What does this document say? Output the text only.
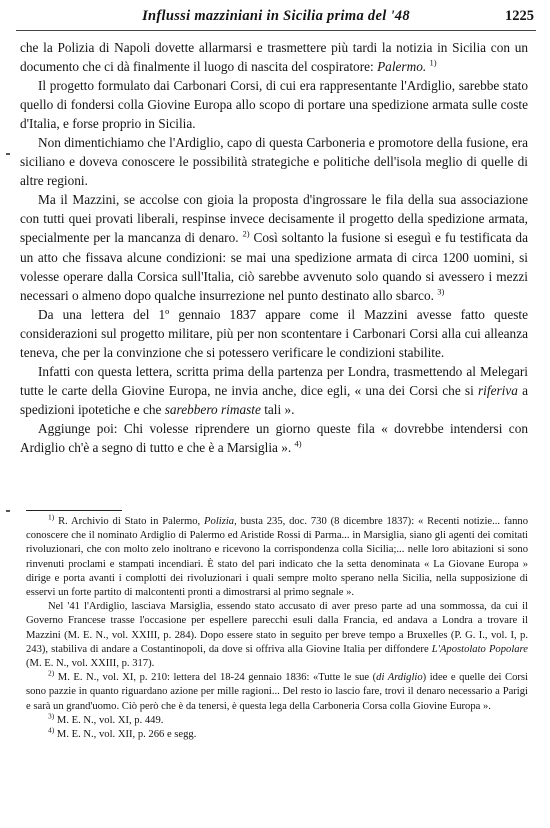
Influssi mazziniani in Sicilia prima del '48	1225

che la Polizia di Napoli dovette allarmarsi e trasmettere più tardi la notizia in Sicilia con un documento che ci dà finalmente il luogo di nascita del cospiratore: Palermo. $^{1)}$

Il progetto formulato dai Carbonari Corsi, di cui era rappresentante l'Ardiglio, sarebbe stato quello di fondersi colla Giovine Europa allo scopo di portare una spedizione armata sulle coste d'Italia, e forse proprio in Sicilia.

Non dimentichiamo che l'Ardiglio, capo di questa Carboneria e promotore della fusione, era siciliano e doveva conoscere le possibilità strategiche e politiche dell'isola meglio di quelle di altre regioni.

Ma il Mazzini, se accolse con gioia la proposta d'ingrossare le fila della sua associazione con tutti quei provati liberali, respinse invece decisamente il progetto della spedizione armata, specialmente per la mancanza di denaro. $^{2)}$ Così soltanto la fusione si eseguì e fu testificata da un atto che fissava alcune condizioni: se mai una spedizione armata di circa 1200 uomini, si volesse operare dalla Corsica sull'Italia, ciò sarebbe avvenuto solo quando si avessero i mezzi necessari o almeno dopo qualche insurrezione nel punto destinato allo sbarco. $^{3)}$

Da una lettera del 1º gennaio 1837 appare come il Mazzini avesse fatto queste considerazioni sul progetto militare, più per non scontentare i Carbonari Corsi alla cui alleanza teneva, che per la convinzione che si potessero verificare le condizioni stabilite.

Infatti con questa lettera, scritta prima della partenza per Londra, trasmettendo al Melegari tutte le carte della Giovine Europa, ne invia anche, dice egli, « una dei Corsi che si riferiva a spedizioni ipotetiche e che sarebbero rimaste tali ».

Aggiunge poi: Chi volesse riprendere un giorno queste fila « dovrebbe intendersi con Ardiglio ch'è a segno di tutto e che è a Marsiglia ». $^{4)}$

$^{1)}$ R. Archivio di Stato in Palermo, Polizia, busta 235, doc. 730 (8 dicembre 1837): « Recenti notizie... fanno conoscere che il nominato Ardiglio di Palermo ed Aristide Rossi di Parma... in Marsiglia, siano gli agenti dei comitati rivoluzionari, che con molto zelo inoltrano e ricevono la corrispondenza colla Sicilia;... nelle loro abitazioni si sono rinvenuti proclami e stampati incendiari. È stato del pari indicato che la setta denominata « La Giovane Europa » dirige e porta avanti i complotti dei rivoluzionari i quali sempre molto sperano nella Sicilia, nella supposizione di esservi un forte partito di malcontenti pronti a dimostrarsi al primo segnale ».

Nel '41 l'Ardiglio, lasciava Marsiglia, essendo stato accusato di aver preso parte ad una sommossa, da cui il Governo Francese trasse l'occasione per espellere parecchi esuli dalla Francia, ed andava a Londra a trovare il Mazzini (M. E. N., vol. XXIII, p. 284). Dopo essere stato in seguito per breve tempo a Bruxelles (P. G. I., vol. I, p. 243), stabiliva di andare a Costantinopoli, da dove si offriva alla Giovine Italia per diffondere L'Apostolato Popolare (M. E. N., vol. XXIII, p. 317).

$^{2)}$ M. E. N., vol. XI, p. 210: lettera del 18-24 gennaio 1836: «Tutte le sue (di Ardiglio) idee e quelle dei Corsi sono pazzie in quanto riguardano azione per mille ragioni... Del resto io lascio fare, trovi il denaro necessario a Parigi e sarà un grand'uomo. Ciò però che è da tenersi, è questa lega della Carboneria Corsa colla Giovine Europa ».

$^{3)}$ M. E. N., vol. XI, p. 449.

$^{4)}$ M. E. N., vol. XII, p. 266 e segg.
